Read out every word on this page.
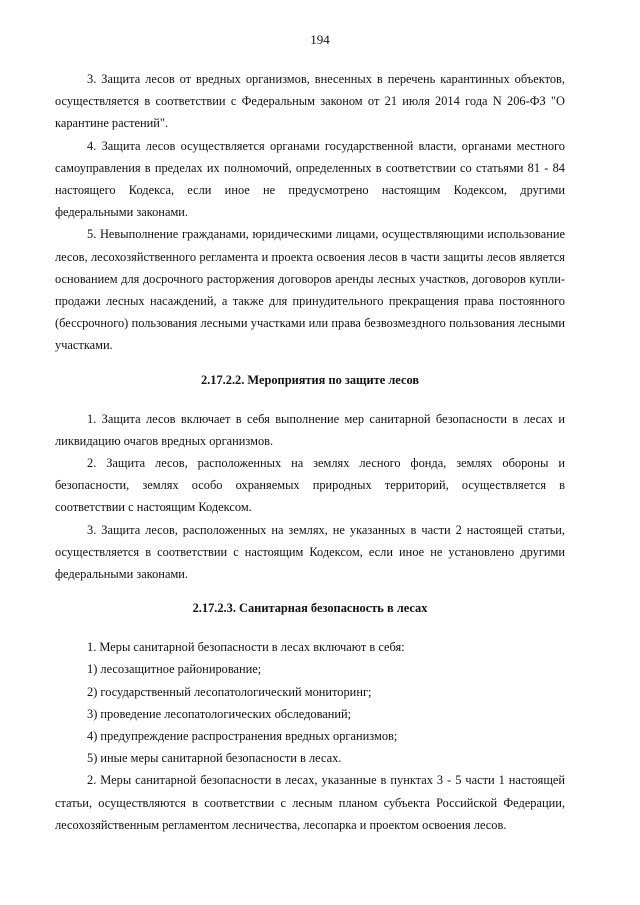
194

3. Защита лесов от вредных организмов, внесенных в перечень карантинных объектов, осуществляется в соответствии с Федеральным законом от 21 июля 2014 года N 206-ФЗ "О карантине растений".

4. Защита лесов осуществляется органами государственной власти, органами местного самоуправления в пределах их полномочий, определенных в соответствии со статьями 81 - 84 настоящего Кодекса, если иное не предусмотрено настоящим Кодексом, другими федеральными законами.

5. Невыполнение гражданами, юридическими лицами, осуществляющими использование лесов, лесохозяйственного регламента и проекта освоения лесов в части защиты лесов является основанием для досрочного расторжения договоров аренды лесных участков, договоров купли-продажи лесных насаждений, а также для принудительного прекращения права постоянного (бессрочного) пользования лесными участками или права безвозмездного пользования лесными участками.

2.17.2.2. Мероприятия по защите лесов

1. Защита лесов включает в себя выполнение мер санитарной безопасности в лесах и ликвидацию очагов вредных организмов.

2. Защита лесов, расположенных на землях лесного фонда, землях обороны и безопасности, землях особо охраняемых природных территорий, осуществляется в соответствии с настоящим Кодексом.

3. Защита лесов, расположенных на землях, не указанных в части 2 настоящей статьи, осуществляется в соответствии с настоящим Кодексом, если иное не установлено другими федеральными законами.

2.17.2.3. Санитарная безопасность в лесах

1. Меры санитарной безопасности в лесах включают в себя:

1) лесозащитное районирование;

2) государственный лесопатологический мониторинг;

3) проведение лесопатологических обследований;

4) предупреждение распространения вредных организмов;

5) иные меры санитарной безопасности в лесах.

2. Меры санитарной безопасности в лесах, указанные в пунктах 3 - 5 части 1 настоящей статьи, осуществляются в соответствии с лесным планом субъекта Российской Федерации, лесохозяйственным регламентом лесничества, лесопарка и проектом освоения лесов.
